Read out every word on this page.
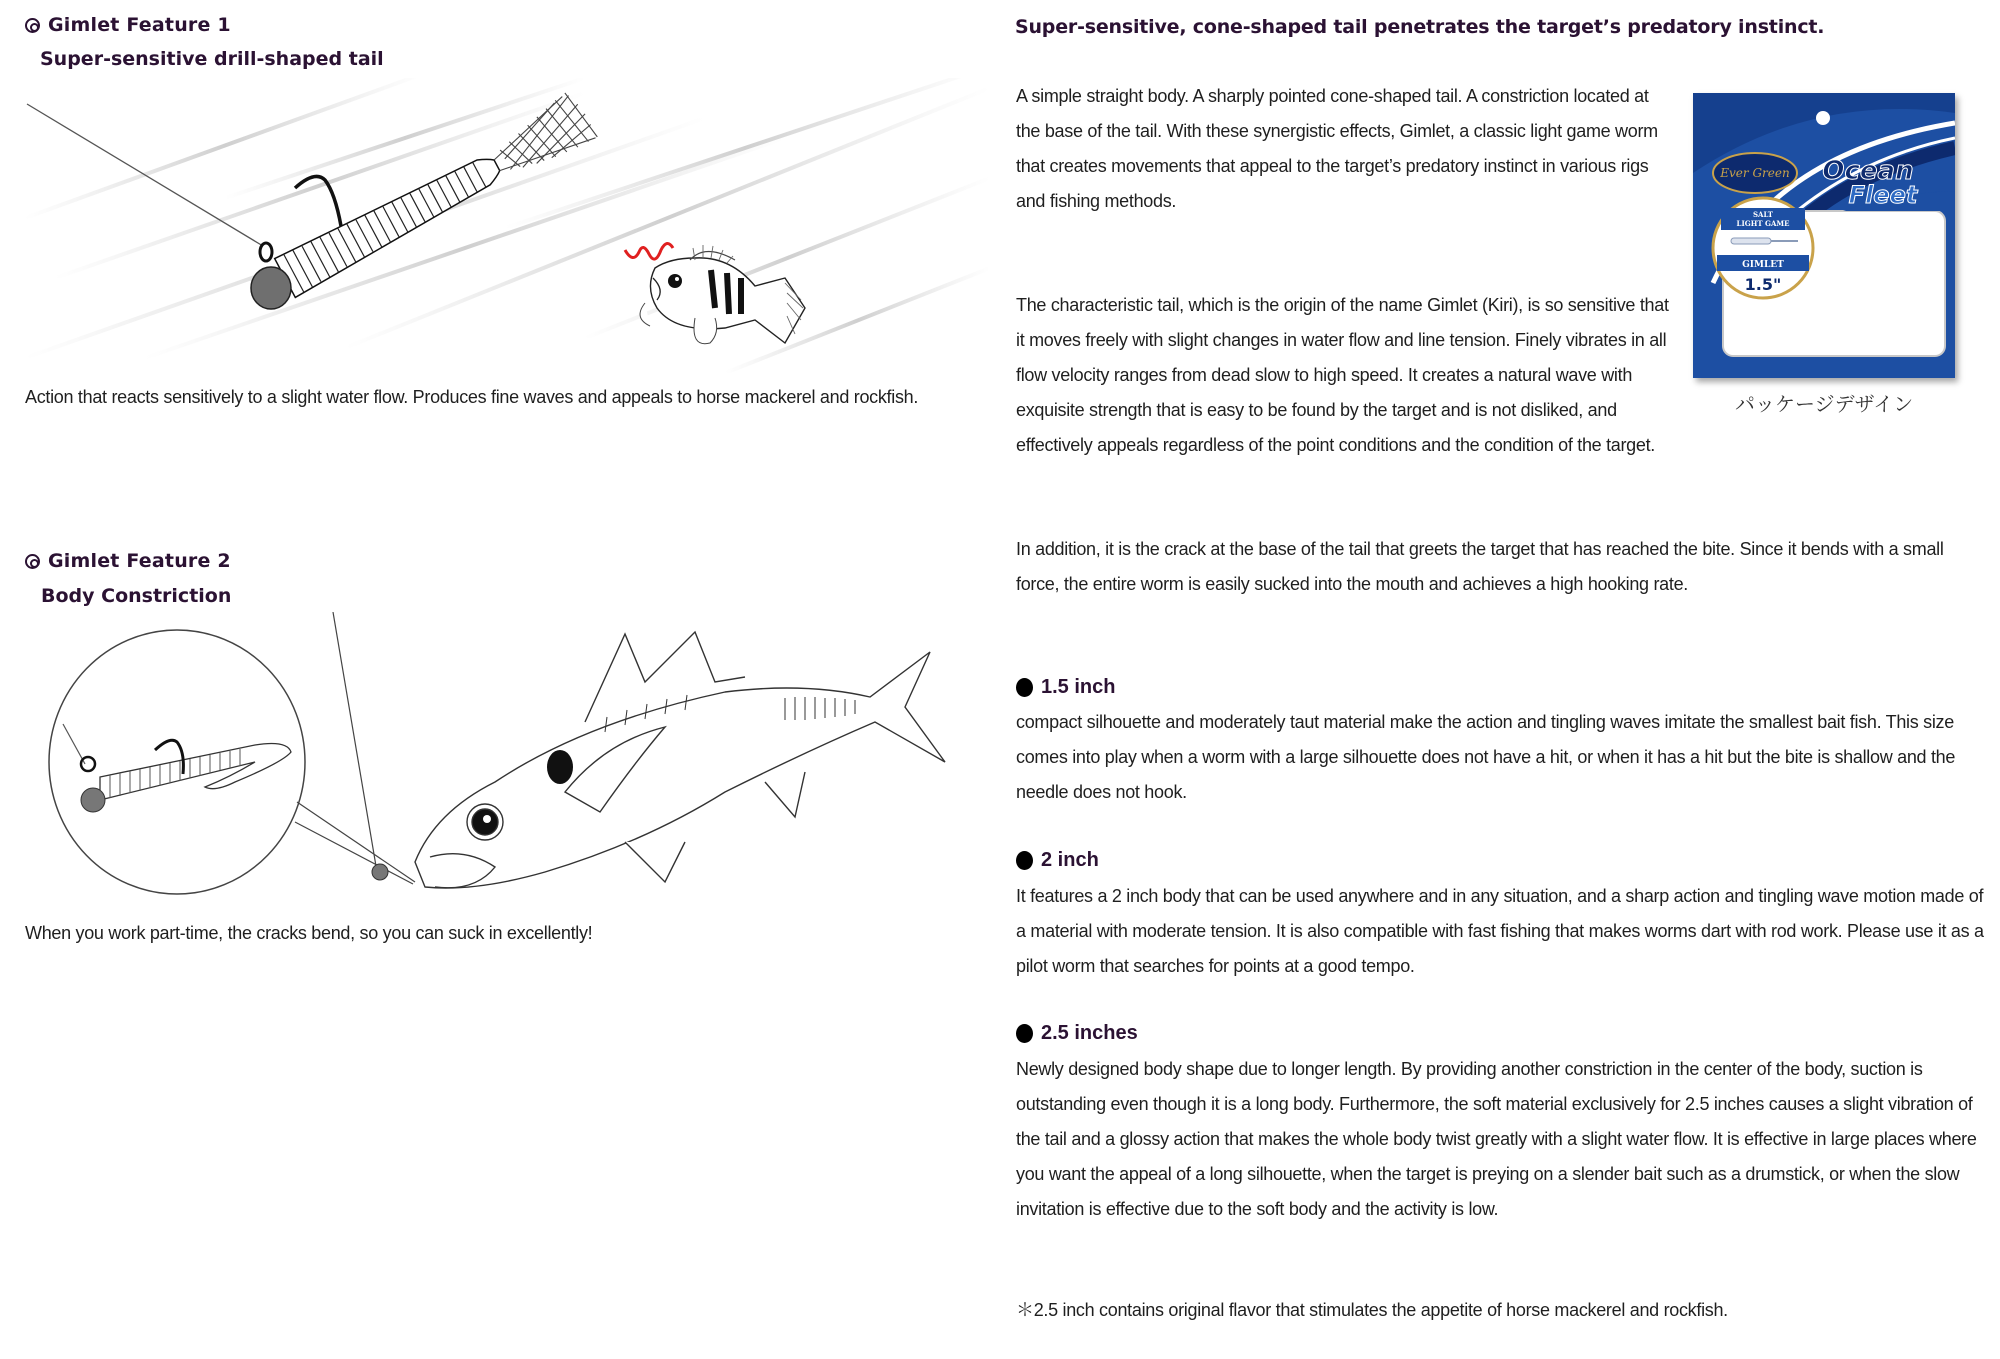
Gimlet Feature 1
Super-sensitive drill-shaped tail
Action that reacts sensitively to a slight water flow. Produces fine waves and appeals to horse mackerel and rockfish.
Gimlet Feature 2
Body Constriction
When you work part-time, the cracks bend, so you can suck in excellently!
Super-sensitive, cone-shaped tail penetrates the target’s predatory instinct.
A simple straight body. A sharply pointed cone-shaped tail. A constriction located at the base of the tail. With these synergistic effects, Gimlet, a classic light game worm that creates movements that appeal to the target’s predatory instinct in various rigs and fishing methods.
The characteristic tail, which is the origin of the name Gimlet (Kiri), is so sensitive that it moves freely with slight changes in water flow and line tension. Finely vibrates in all flow velocity ranges from dead slow to high speed. It creates a natural wave with exquisite strength that is easy to be found by the target and is not disliked, and effectively appeals regardless of the point conditions and the condition of the target.
In addition, it is the crack at the base of the tail that greets the target that has reached the bite. Since it bends with a small force, the entire worm is easily sucked into the mouth and achieves a high hooking rate.
Ever Green Ocean
Fleet
SALT
LIGHT GAME
GIMLET
1.5"
パッケージデザイン
1.5 inch
compact silhouette and moderately taut material make the action and tingling waves imitate the smallest bait fish. This size comes into play when a worm with a large silhouette does not have a hit, or when it has a hit but the bite is shallow and the needle does not hook.
2 inch
It features a 2 inch body that can be used anywhere and in any situation, and a sharp action and tingling wave motion made of a material with moderate tension. It is also compatible with fast fishing that makes worms dart with rod work. Please use it as a pilot worm that searches for points at a good tempo.
2.5 inches
Newly designed body shape due to longer length. By providing another constriction in the center of the body, suction is outstanding even though it is a long body. Furthermore, the soft material exclusively for 2.5 inches causes a slight vibration of the tail and a glossy action that makes the whole body twist greatly with a slight water flow. It is effective in large places where you want the appeal of a long silhouette, when the target is preying on a slender bait such as a drumstick, or when the slow invitation is effective due to the soft body and the activity is low.
＊2.5 inch contains original flavor that stimulates the appetite of horse mackerel and rockfish.
